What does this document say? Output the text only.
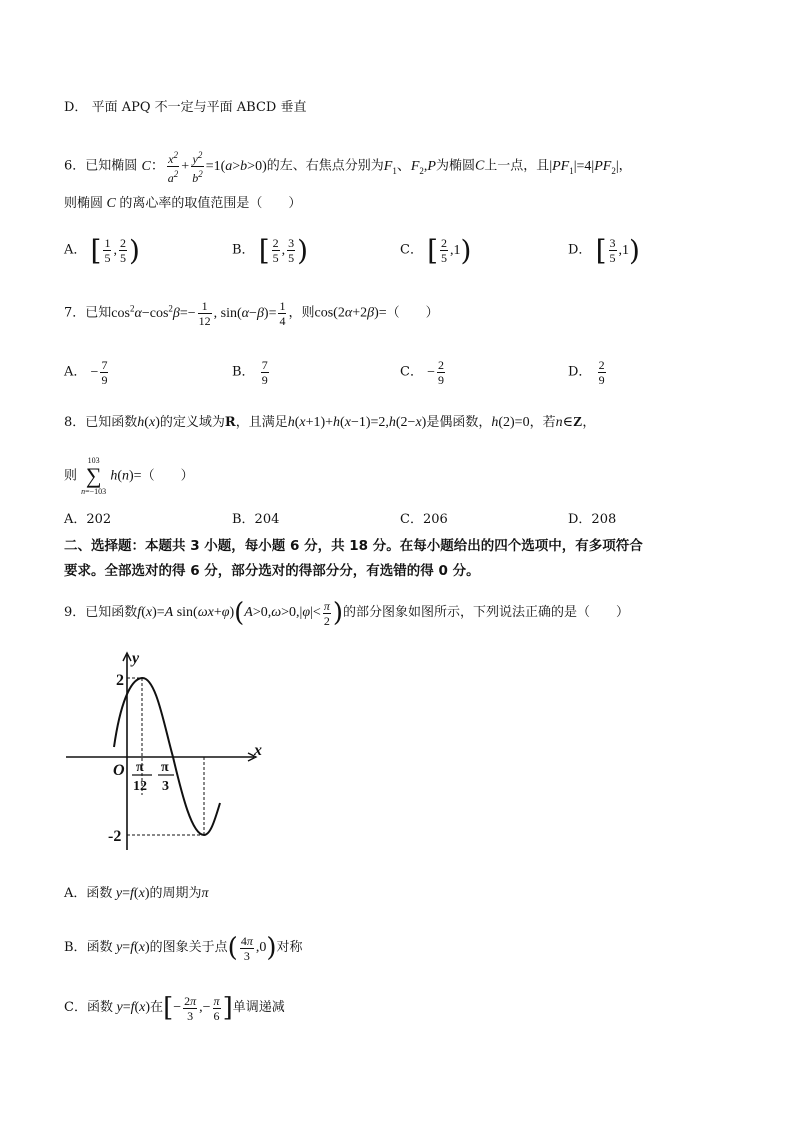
D． 平面 APQ 不一定与平面 ABCD 垂直
6．已知椭圆 C： $\frac{x^2}{a^2} + \frac{y^2}{b^2} =1(a>b>0)$的左、右焦点分别为$F_1$、$F_2,P$为椭圆C上一点，且$|PF_1|=4|PF_2|$，
则椭圆 C 的离心率的取值范围是（　　）
A． [ $\frac{1}{5}$ , $\frac{2}{5}$ )	B． [ $\frac{2}{5}$ , $\frac{3}{5}$ )	C． [ $\frac{2}{5} ,1$)	D． [ $\frac{3}{5} ,1$)
7．已知$\cos^2\alpha-\cos^2\beta=- \frac{1}{12}$ , $\sin(\alpha-\beta)= \frac{1}{4}$ ，则cos(2α+2β)=（　　）
A． − $\frac{7}{9}$	B． $\frac{7}{9}$	C． − $\frac{2}{9}$	D． $\frac{2}{9}$
8．已知函数h(x)的定义域为R，且满足h(x+1)+h(x−1)=2,h(2−x)是偶函数，h(2)=0，若n∈Z，
则 103
∑
n=−103 h(n)=（　　）
A．202	B．204	C．206	D．208
二、选择题：本题共 3 小题，每小题 6 分，共 18 分。在每小题给出的四个选项中，有多项符合
要求。全部选对的得 6 分，部分选对的得部分分，有选错的得 0 分。
9．已知函数f(x)=A $\sin(\omega x+\varphi)(A>0,\omega>0,|\varphi|< \frac{\pi}{2}$ )的部分图象如图所示，下列说法正确的是（　　）
y
x
O
2
-2
π
12
π
3
A．函数 y=f(x)的周期为π
B．函数 y=f(x)的图象关于点( $\frac{4\pi}{3} ,0$)对称
C．函数 y=f(x)在[− $\frac{2\pi}{3}$ ,− $\frac{\pi}{6}$ ]单调递减
